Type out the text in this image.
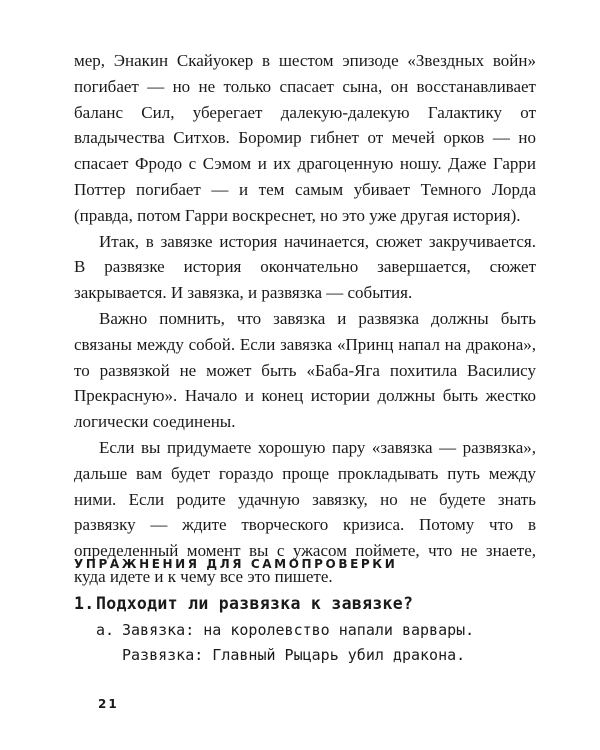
мер, Энакин Скайуокер в шестом эпизоде «Звездных войн» погибает — но не только спасает сына, он восстанавливает баланс Сил, уберегает далекую-далекую Галактику от владычества Ситхов. Боромир гибнет от мечей орков — но спасает Фродо с Сэмом и их драгоценную ношу. Даже Гарри Поттер погибает — и тем самым убивает Темного Лорда (правда, потом Гарри воскреснет, но это уже другая история).

Итак, в завязке история начинается, сюжет закручивается. В развязке история окончательно завершается, сюжет закрывается. И завязка, и развязка — события.

Важно помнить, что завязка и развязка должны быть связаны между собой. Если завязка «Принц напал на дракона», то развязкой не может быть «Баба-Яга похитила Василису Прекрасную». Начало и конец истории должны быть жестко логически соединены.

Если вы придумаете хорошую пару «завязка — развязка», дальше вам будет гораздо проще прокладывать путь между ними. Если родите удачную завязку, но не будете знать развязку — ждите творческого кризиса. Потому что в определенный момент вы с ужасом поймете, что не знаете, куда идете и к чему все это пишете.

УПРАЖНЕНИЯ ДЛЯ САМОПРОВЕРКИ
1.Подходит ли развязка к завязке?
a. Завязка: на королевство напали варвары.
Развязка: Главный Рыцарь убил дракона.
21
